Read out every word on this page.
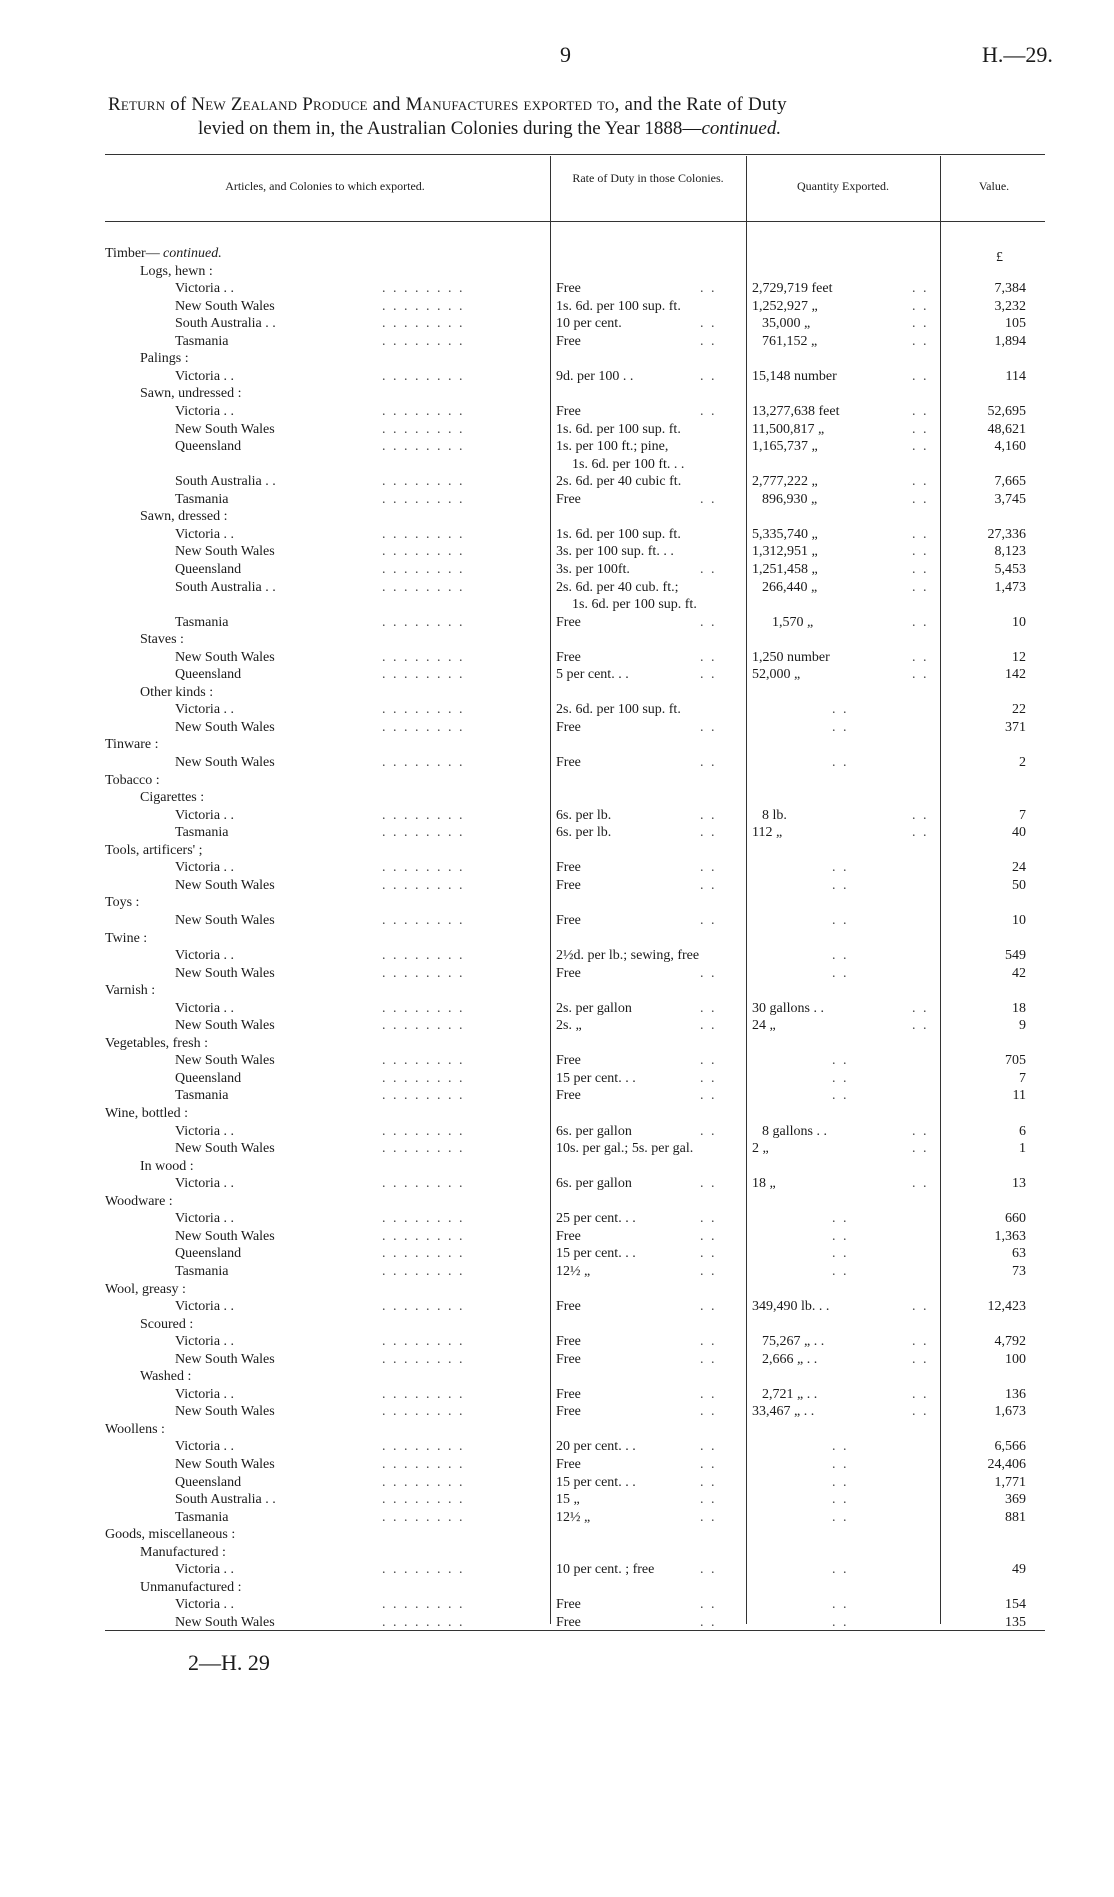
9	H.—29.
Return of New Zealand Produce and Manufactures exported to, and the Rate of Duty
levied on them in, the Australian Colonies during the Year 1888—continued.
Articles, and Colonies to which exported.
Rate of Duty in those Colonies.
Quantity Exported.	Value.
£
Timber— continued.
Logs, hewn :
Victoria . .	. . . . . . . .	Free	. .	2,729,719 feet	. .	7,384
New South Wales	. . . . . . . .	1s. 6d. per 100 sup. ft.	1,252,927 „	. .	3,232
South Australia . .	. . . . . . . .	10 per cent.	. .	35,000 „	. .	105
Tasmania	. . . . . . . .	Free	. .	761,152 „	. .	1,894
Palings :
Victoria . .	. . . . . . . .	9d. per 100 . .	. .	15,148 number	. .	114
Sawn, undressed :
Victoria . .	. . . . . . . .	Free	. .	13,277,638 feet	. .	52,695
New South Wales	. . . . . . . .	1s. 6d. per 100 sup. ft.	11,500,817 „	. .	48,621
Queensland	. . . . . . . .	1s. per 100 ft.; pine,	1,165,737 „	. .	4,160
1s. 6d. per 100 ft. . .
South Australia . .	. . . . . . . .	2s. 6d. per 40 cubic ft.	2,777,222 „	. .	7,665
Tasmania	. . . . . . . .	Free	. .	896,930 „	. .	3,745
Sawn, dressed :
Victoria . .	. . . . . . . .	1s. 6d. per 100 sup. ft.	5,335,740 „	. .	27,336
New South Wales	. . . . . . . .	3s. per 100 sup. ft. . .	1,312,951 „	. .	8,123
Queensland	. . . . . . . .	3s. per 100ft.	. .	1,251,458 „	. .	5,453
South Australia . .	. . . . . . . .	2s. 6d. per 40 cub. ft.;	266,440 „	. .	1,473
1s. 6d. per 100 sup. ft.
Tasmania	. . . . . . . .	Free	. .	1,570 „	. .	10
Staves :
New South Wales	. . . . . . . .	Free	. .	1,250 number	. .	12
Queensland	. . . . . . . .	5 per cent. . .	. .	52,000 „	. .	142
Other kinds :
Victoria . .	. . . . . . . .	2s. 6d. per 100 sup. ft.	. .	22
New South Wales	. . . . . . . .	Free	. .	. .	371
Tinware :
New South Wales	. . . . . . . .	Free	. .	. .	2
Tobacco :
Cigarettes :
Victoria . .	. . . . . . . .	6s. per lb.	. .	8 lb.	. .	7
Tasmania	. . . . . . . .	6s. per lb.	. .	112 „	. .	40
Tools, artificers' ;
Victoria . .	. . . . . . . .	Free	. .	. .	24
New South Wales	. . . . . . . .	Free	. .	. .	50
Toys :
New South Wales	. . . . . . . .	Free	. .	. .	10
Twine :
Victoria . .	. . . . . . . .	2½d. per lb.; sewing, free	. .	549
New South Wales	. . . . . . . .	Free	. .	. .	42
Varnish :
Victoria . .	. . . . . . . .	2s. per gallon	. .	30 gallons . .	. .	18
New South Wales	. . . . . . . .	2s. „	. .	24 „	. .	9
Vegetables, fresh :
New South Wales	. . . . . . . .	Free	. .	. .	705
Queensland	. . . . . . . .	15 per cent. . .	. .	. .	7
Tasmania	. . . . . . . .	Free	. .	. .	11
Wine, bottled :
Victoria . .	. . . . . . . .	6s. per gallon	. .	8 gallons . .	. .	6
New South Wales	. . . . . . . .	10s. per gal.; 5s. per gal.	2 „	. .	1
In wood :
Victoria . .	. . . . . . . .	6s. per gallon	. .	18 „	. .	13
Woodware :
Victoria . .	. . . . . . . .	25 per cent. . .	. .	. .	660
New South Wales	. . . . . . . .	Free	. .	. .	1,363
Queensland	. . . . . . . .	15 per cent. . .	. .	. .	63
Tasmania	. . . . . . . .	12½ „	. .	. .	73
Wool, greasy :
Victoria . .	. . . . . . . .	Free	. .	349,490 lb. . .	. .	12,423
Scoured :
Victoria . .	. . . . . . . .	Free	. .	75,267 „ . .	. .	4,792
New South Wales	. . . . . . . .	Free	. .	2,666 „ . .	. .	100
Washed :
Victoria . .	. . . . . . . .	Free	. .	2,721 „ . .	. .	136
New South Wales	. . . . . . . .	Free	. .	33,467 „ . .	. .	1,673
Woollens :
Victoria . .	. . . . . . . .	20 per cent. . .	. .	. .	6,566
New South Wales	. . . . . . . .	Free	. .	. .	24,406
Queensland	. . . . . . . .	15 per cent. . .	. .	. .	1,771
South Australia . .	. . . . . . . .	15 „	. .	. .	369
Tasmania	. . . . . . . .	12½ „	. .	. .	881
Goods, miscellaneous :
Manufactured :
Victoria . .	. . . . . . . .	10 per cent. ; free	. .	. .	49
Unmanufactured :
Victoria . .	. . . . . . . .	Free	. .	. .	154
New South Wales	. . . . . . . .	Free	. .	. .	135
2—H. 29
